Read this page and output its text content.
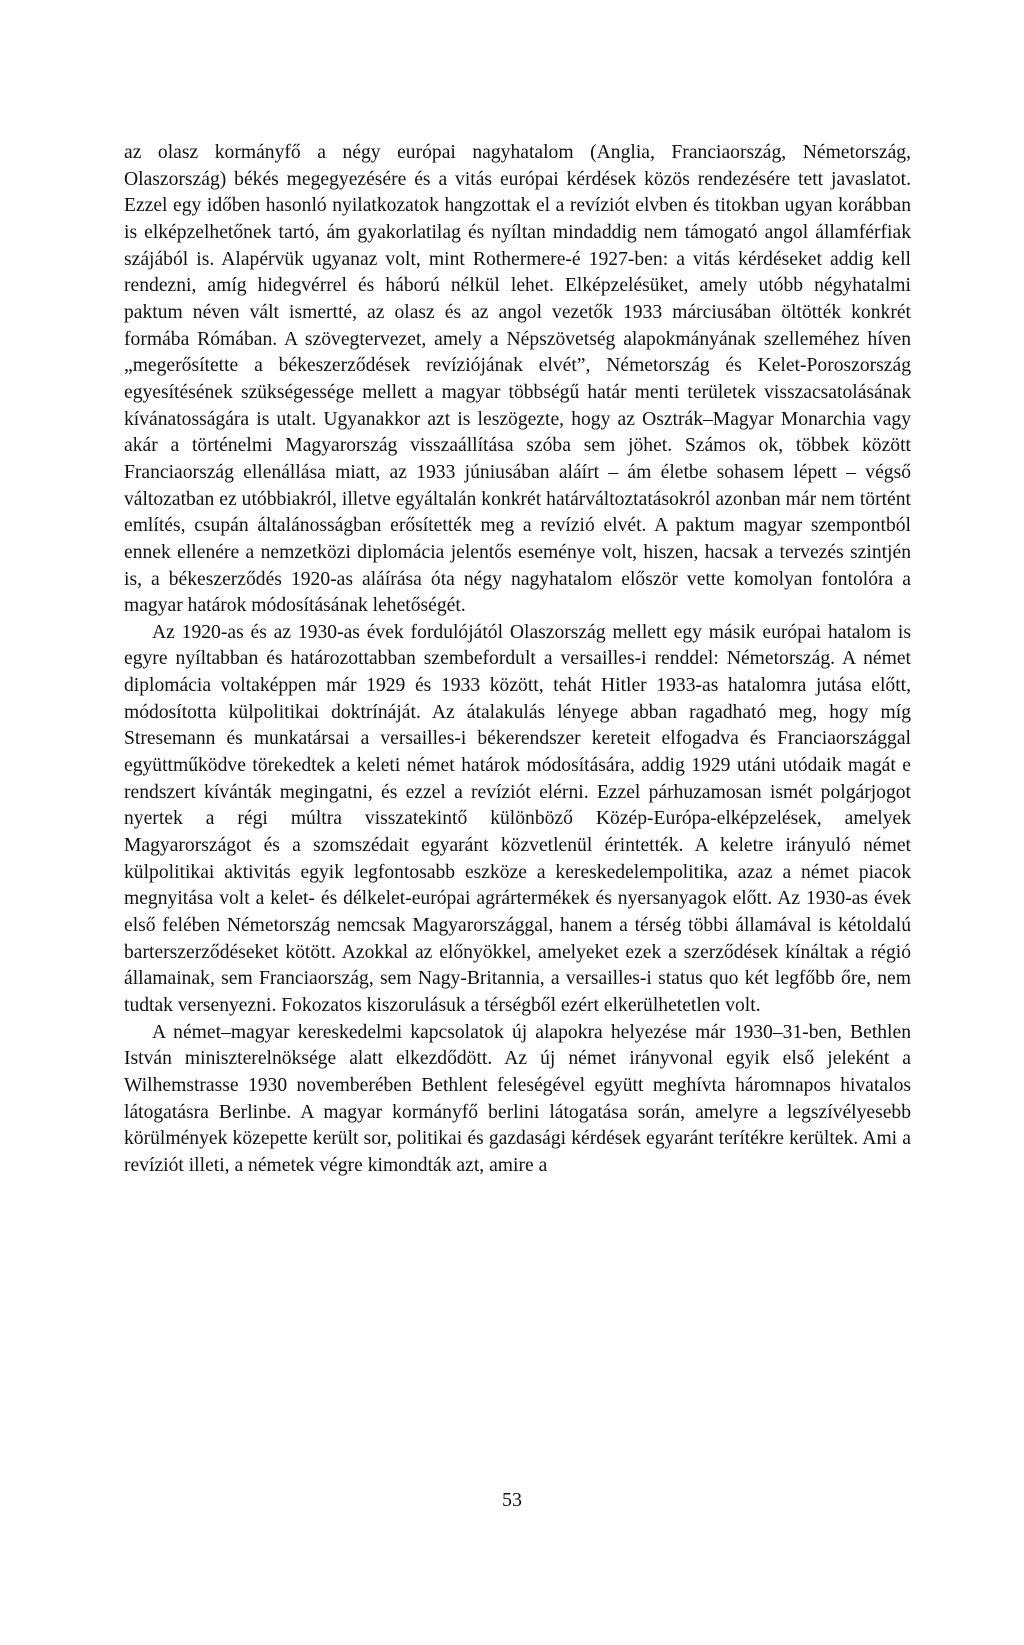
az olasz kormányfő a négy európai nagyhatalom (Anglia, Franciaország, Németország, Olaszország) békés megegyezésére és a vitás európai kérdések közös rendezésére tett javaslatot. Ezzel egy időben hasonló nyilatkozatok hangzottak el a revíziót elvben és titokban ugyan korábban is elképzelhetőnek tartó, ám gyakorlatilag és nyíltan mindaddig nem támogató angol államférfiak szájából is. Alapérvük ugyanaz volt, mint Rothermere-é 1927-ben: a vitás kérdéseket addig kell rendezni, amíg hidegvérrel és háború nélkül lehet. Elképzelésüket, amely utóbb négyhatalmi paktum néven vált ismertté, az olasz és az angol vezetők 1933 márciusában öltötték konkrét formába Rómában. A szövegtervezet, amely a Népszövetség alapokmányának szelleméhez híven „megerősítette a békeszerződések revíziójának elvét”, Németország és Kelet-Poroszország egyesítésének szükségessége mellett a magyar többségű határ menti területek visszacsatolásának kívánatosságára is utalt. Ugyanakkor azt is leszögezte, hogy az Osztrák–Magyar Monarchia vagy akár a történelmi Magyarország visszaállítása szóba sem jöhet. Számos ok, többek között Franciaország ellenállása miatt, az 1933 júniusában aláírt – ám életbe sohasem lépett – végső változatban ez utóbbiakról, illetve egyáltalán konkrét határváltoztatásokról azonban már nem történt említés, csupán általánosságban erősítették meg a revízió elvét. A paktum magyar szempontból ennek ellenére a nemzetközi diplomácia jelentős eseménye volt, hiszen, hacsak a tervezés szintjén is, a békeszerződés 1920-as aláírása óta négy nagyhatalom először vette komolyan fontolóra a magyar határok módosításának lehetőségét.

Az 1920-as és az 1930-as évek fordulójától Olaszország mellett egy másik európai hatalom is egyre nyíltabban és határozottabban szembefordult a versailles-i renddel: Németország. A német diplomácia voltaképpen már 1929 és 1933 között, tehát Hitler 1933-as hatalomra jutása előtt, módosította külpolitikai doktrínáját. Az átalakulás lényege abban ragadható meg, hogy míg Stresemann és munkatársai a versailles-i békerendszer kereteit elfogadva és Franciaországgal együttműködve törekedtek a keleti német határok módosítására, addig 1929 utáni utódaik magát e rendszert kívánták megingatni, és ezzel a revíziót elérni. Ezzel párhuzamosan ismét polgárjogot nyertek a régi múltra visszatekintő különböző Közép-Európa-elképzelések, amelyek Magyarországot és a szomszédait egyaránt közvetlenül érintették. A keletre irányuló német külpolitikai aktivitás egyik legfontosabb eszköze a kereskedelempolitika, azaz a német piacok megnyitása volt a kelet- és délkelet-európai agrártermékek és nyersanyagok előtt. Az 1930-as évek első felében Németország nemcsak Magyarországgal, hanem a térség többi államával is kétoldalú barterszerződéseket kötött. Azokkal az előnyökkel, amelyeket ezek a szerződések kínáltak a régió államainak, sem Franciaország, sem Nagy-Britannia, a versailles-i status quo két legfőbb őre, nem tudtak versenyezni. Fokozatos kiszorulásuk a térségből ezért elkerülhetetlen volt.

A német–magyar kereskedelmi kapcsolatok új alapokra helyezése már 1930–31-ben, Bethlen István miniszterelnöksége alatt elkezdődött. Az új német irányvonal egyik első jeleként a Wilhemstrasse 1930 novemberében Bethlent feleségével együtt meghívta háromnapos hivatalos látogatásra Berlinbe. A magyar kormányfő berlini látogatása során, amelyre a legszívélyesebb körülmények közepette került sor, politikai és gazdasági kérdések egyaránt terítékre kerültek. Ami a revíziót illeti, a németek végre kimondták azt, amire a

53
